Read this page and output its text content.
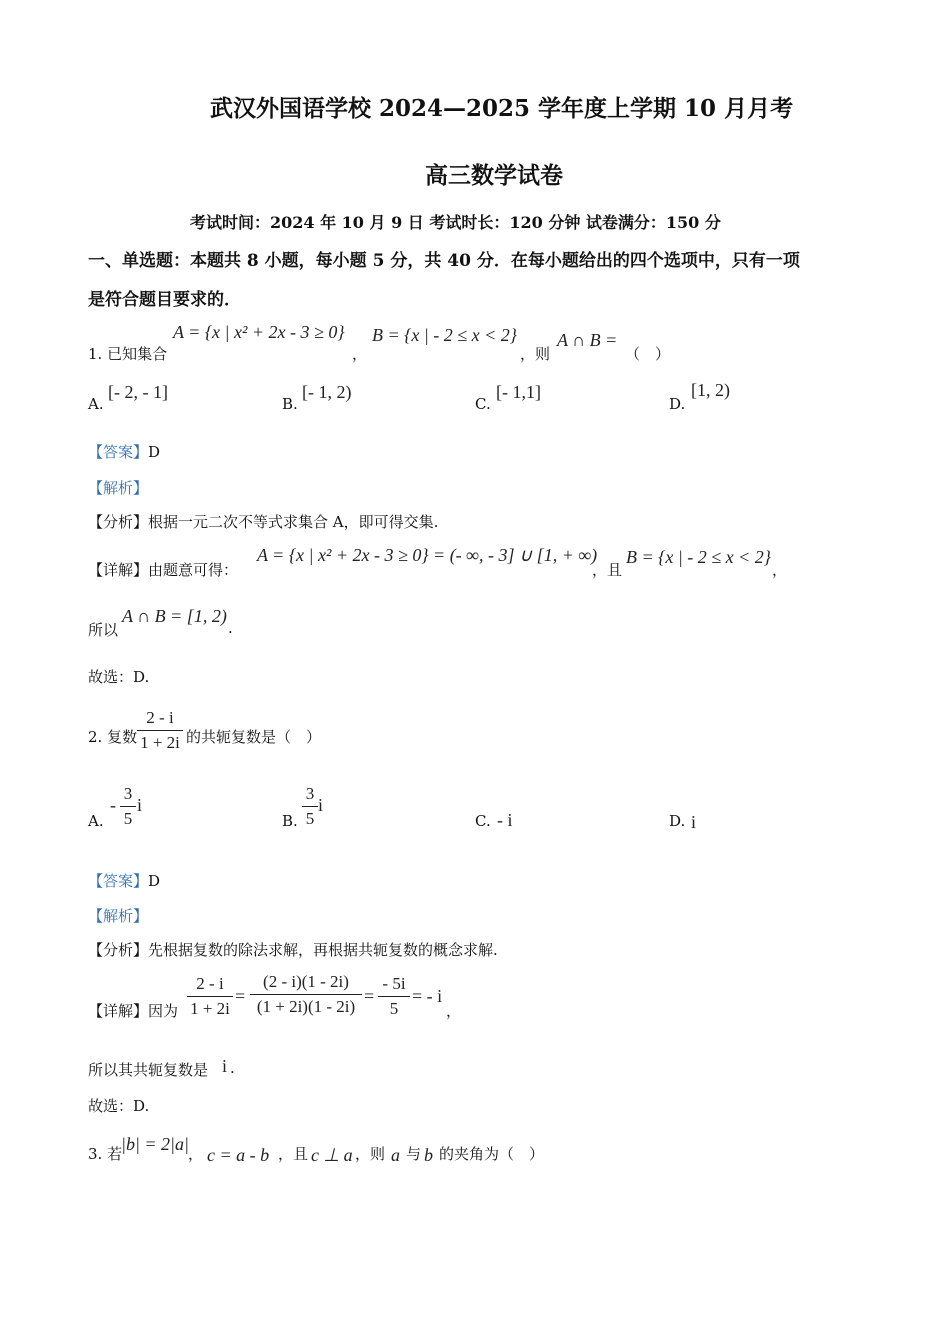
武汉外国语学校 2024—2025 学年度上学期 10 月月考
高三数学试卷
考试时间：2024 年 10 月 9 日 考试时长：120 分钟 试卷满分：150 分
一、单选题：本题共 8 小题，每小题 5 分，共 40 分．在每小题给出的四个选项中，只有一项
是符合题目要求的．
1. 已知集合
A = {x | x² + 2x - 3 ≥ 0}
，
B = {x | - 2 ≤ x < 2}
，则
A ∩ B =
（　）
A.
[- 2, - 1]
B.
[- 1, 2)
C.
[- 1,1]
D.
[1, 2)
【答案】D
【解析】
【分析】根据一元二次不等式求集合 A，即可得交集.
【详解】由题意可得：
A = {x | x² + 2x - 3 ≥ 0} = (- ∞, - 3] ∪ [1, + ∞)
，且
B = {x | - 2 ≤ x < 2}
，
所以
A ∩ B = [1, 2)
.
故选：D.
2. 复数
2 - i
1 + 2i 的共轭复数是（　）
A.
-
3
5
i
B.
3
5
i
C. - i	D. i
【答案】D
【解析】
【分析】先根据复数的除法求解，再根据共轭复数的概念求解.
【详解】因为
2 - i
1 + 2i
=
(2 - i)(1 - 2i)
(1 + 2i)(1 - 2i)
=
- 5i
5
= - i
，
所以其共轭复数是 i .
故选：D.
3. 若
|b| = 2|a| ， c = a - b ，且 c ⊥ a ，则 a 与 b 的夹角为（　）
